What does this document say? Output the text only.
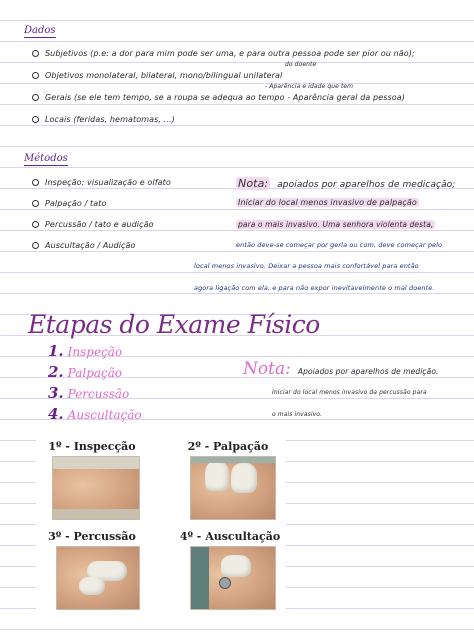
Dados
Subjetivos (p.e: a dor para mim pode ser uma, e para outra pessoa pode ser pior ou não);
do doente
Objetivos monolateral, bilateral, mono/bilingual unilateral
- Aparência e idade que tem
Gerais (se ele tem tempo, se a roupa se adequa ao tempo - Aparência geral da pessoa)
Locais (feridas, hematomas, ...)
Métodos
Inspeção: visualização e olfato
Palpação / tato
Percussão / tato e audição
Auscultação / Audição
Nota: apoiados por aparelhos de medicação;
Iniciar do local menos invasivo de palpação
para o mais invasivo. Uma senhora violenta desta,
então deve-se começar por gerla ou com, deve começar pelo
local menos invasivo. Deixar a pessoa mais confortável para então
agora ligação com ela, e para não expor inevitavelmente o mal doente.
Etapas do Exame Físico
1. Inspeção
2. Palpação
3. Percussão
4. Auscultação
Nota: Apoiados por aparelhos de medição.
Iniciar do local menos invasivo da percussão para
o mais invasivo.
1º - Inspecção	2º - Palpação
3º - Percussão	4º - Auscultação
